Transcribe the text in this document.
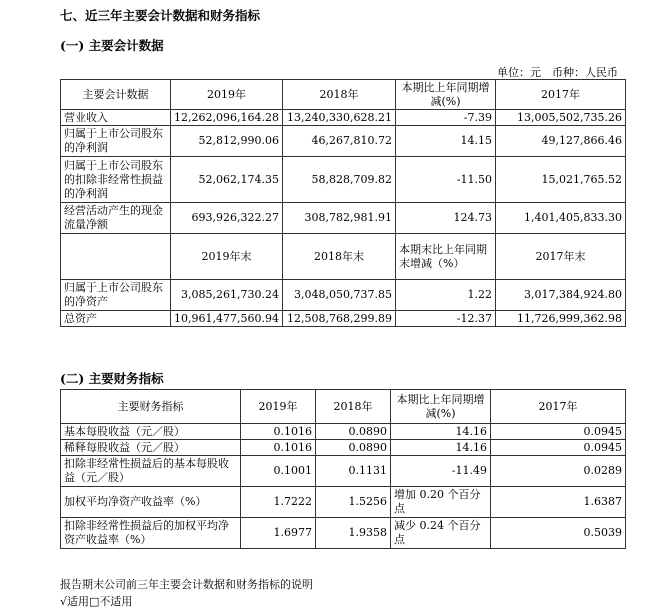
七、近三年主要会计数据和财务指标
(一) 主要会计数据
单位：元　币种：人民币
主要会计数据	2019年	2018年	本期比上年同期增减(%)	2017年
营业收入	12,262,096,164.28	13,240,330,628.21	-7.39	13,005,502,735.26
归属于上市公司股东的净利润	52,812,990.06	46,267,810.72	14.15	49,127,866.46
归属于上市公司股东的扣除非经常性损益的净利润	52,062,174.35	58,828,709.82	-11.50	15,021,765.52
经营活动产生的现金流量净额	693,926,322.27	308,782,981.91	124.73	1,401,405,833.30
	2019年末	2018年末	本期末比上年同期末增减（%）	2017年末
归属于上市公司股东的净资产	3,085,261,730.24	3,048,050,737.85	1.22	3,017,384,924.80
总资产	10,961,477,560.94	12,508,768,299.89	-12.37	11,726,999,362.98
(二) 主要财务指标
主要财务指标	2019年	2018年	本期比上年同期增减(%)	2017年
基本每股收益（元／股）	0.1016	0.0890	14.16	0.0945
稀释每股收益（元／股）	0.1016	0.0890	14.16	0.0945
扣除非经常性损益后的基本每股收益（元／股）	0.1001	0.1131	-11.49	0.0289
加权平均净资产收益率（%）	1.7222	1.5256	增加 0.20 个百分点	1.6387
扣除非经常性损益后的加权平均净资产收益率（%）	1.6977	1.9358	减少 0.24 个百分点	0.5039
报告期末公司前三年主要会计数据和财务指标的说明
√适用□不适用
